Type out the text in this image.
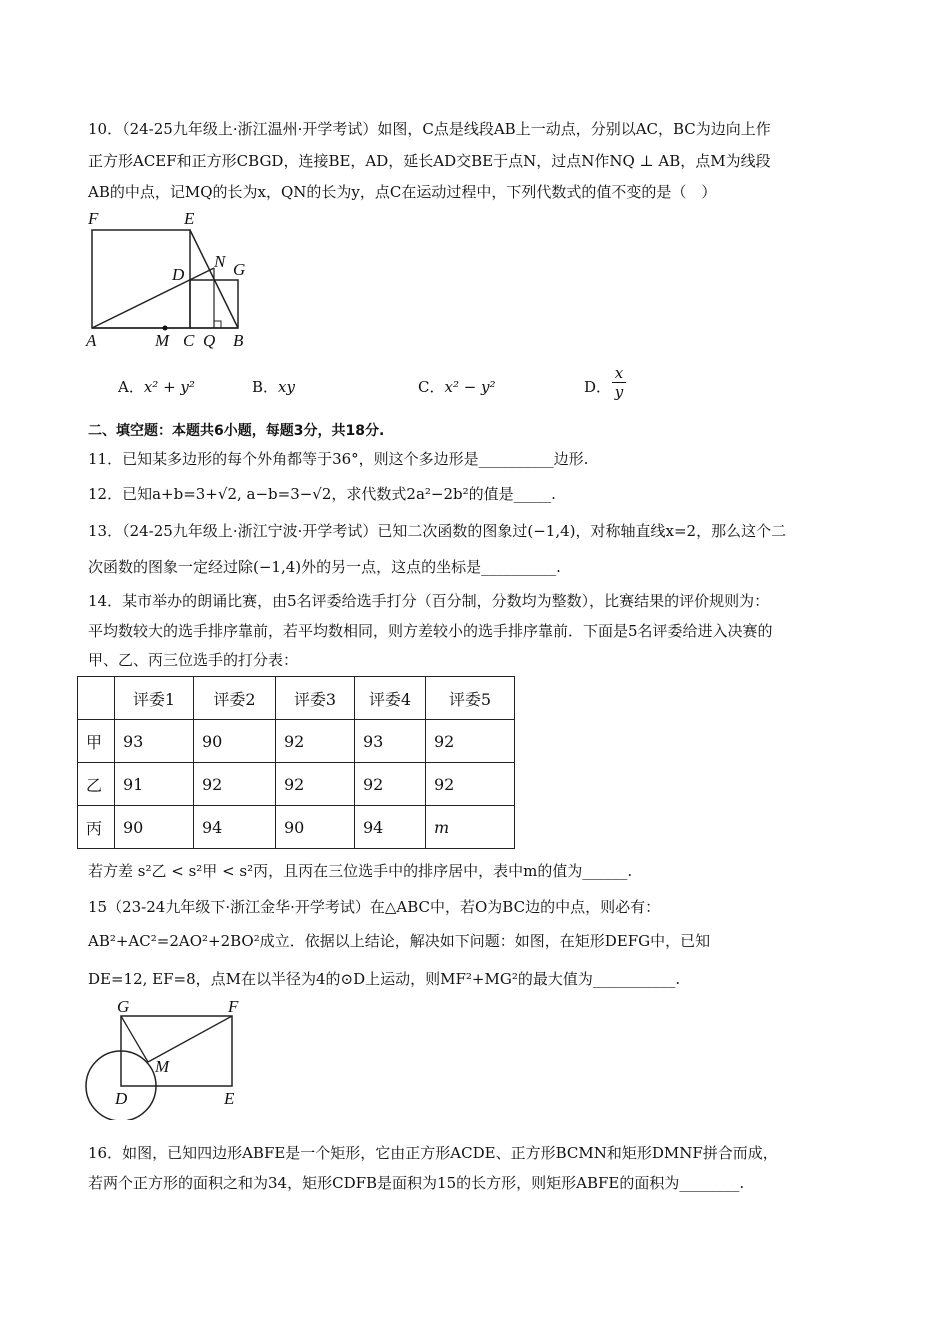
10．（24-25九年级上·浙江温州·开学考试）如图，C点是线段AB上一动点，分别以AC，BC为边向上作
正方形ACEF和正方形CBGD，连接BE，AD，延长AD交BE于点N，过点N作NQ ⊥ AB，点M为线段
AB的中点，记MQ的长为x，QN的长为y，点C在运动过程中，下列代数式的值不变的是（　）
F	E
D
N G
A	M C Q B
A．x² + y²	B．xy	C．x² − y²	D．
x
y
二、填空题：本题共6小题，每题3分，共18分.
11．已知某多边形的每个外角都等于36°，则这个多边形是__________边形.
12．已知a+b=3+√2, a−b=3−√2，求代数式2a²−2b²的值是_____.
13．（24-25九年级上·浙江宁波·开学考试）已知二次函数的图象过(−1,4)，对称轴直线x=2，那么这个二
次函数的图象一定经过除(−1,4)外的另一点，这点的坐标是__________.
14．某市举办的朗诵比赛，由5名评委给选手打分（百分制，分数均为整数），比赛结果的评价规则为：
平均数较大的选手排序靠前，若平均数相同，则方差较小的选手排序靠前．下面是5名评委给进入决赛的
甲、乙、丙三位选手的打分表：
	评委1	评委2	评委3	评委4	评委5
甲	93	90	92	93	92
乙	91	92	92	92	92
丙	90	94	90	94	m
若方差 s²乙 < s²甲 < s²丙，且丙在三位选手中的排序居中，表中m的值为______.
15（23-24九年级下·浙江金华·开学考试）在△ABC中，若O为BC边的中点，则必有：
AB²+AC²=2AO²+2BO²成立．依据以上结论，解决如下问题：如图，在矩形DEFG中，已知
DE=12, EF=8，点M在以半径为4的⊙D上运动，则MF²+MG²的最大值为___________.
G	F
M
D	E
16．如图，已知四边形ABFE是一个矩形，它由正方形ACDE、正方形BCMN和矩形DMNF拼合而成，
若两个正方形的面积之和为34，矩形CDFB是面积为15的长方形，则矩形ABFE的面积为________.
